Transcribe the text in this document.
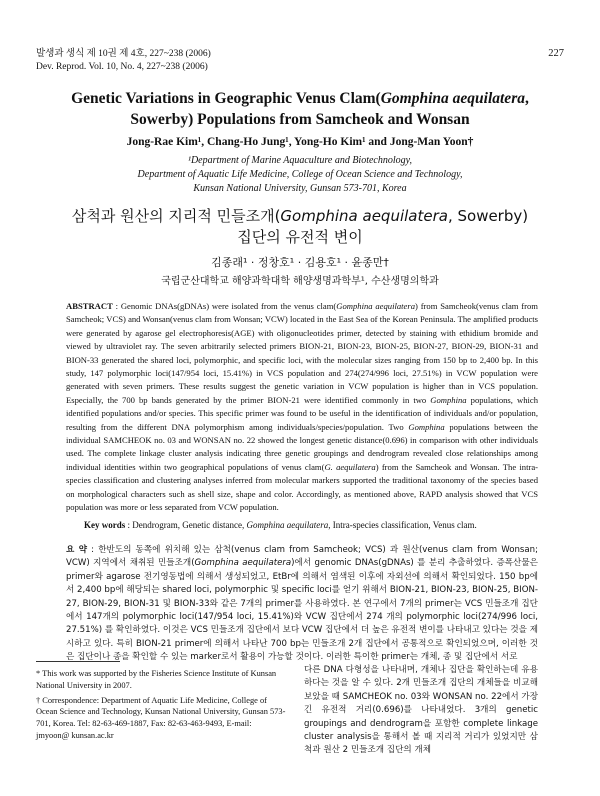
발생과 생식 제 10권 제 4호, 227~238 (2006)
Dev. Reprod. Vol. 10, No. 4, 227~238 (2006)
227
Genetic Variations in Geographic Venus Clam(Gomphina aequilatera,
Sowerby) Populations from Samcheok and Wonsan
Jong-Rae Kim¹, Chang-Ho Jung¹, Yong-Ho Kim¹ and Jong-Man Yoon†
¹Department of Marine Aquaculture and Biotechnology,
Department of Aquatic Life Medicine, College of Ocean Science and Technology,
Kunsan National University, Gunsan 573-701, Korea
삼척과 원산의 지리적 민들조개(Gomphina aequilatera, Sowerby)
집단의 유전적 변이
김종래¹ · 정창호¹ · 김용호¹ · 윤종만†
국립군산대학교 해양과학대학 해양생명과학부¹, 수산생명의학과
ABSTRACT : Genomic DNAs(gDNAs) were isolated from the venus clam(Gomphina aequilatera) from Samcheok(venus clam from Samcheok; VCS) and Wonsan(venus clam from Wonsan; VCW) located in the East Sea of the Korean Peninsula. The amplified products were generated by agarose gel electrophoresis(AGE) with oligonucleotides primer, detected by staining with ethidium bromide and viewed by ultraviolet ray. The seven arbitrarily selected primers BION-21, BION-23, BION-25, BION-27, BION-29, BION-31 and BION-33 generated the shared loci, polymorphic, and specific loci, with the molecular sizes ranging from 150 bp to 2,400 bp. In this study, 147 polymorphic loci(147/954 loci, 15.41%) in VCS population and 274(274/996 loci, 27.51%) in VCW population were generated with seven primers. These results suggest the genetic variation in VCW population is higher than in VCS population. Especially, the 700 bp bands generated by the primer BION-21 were identified commonly in two Gomphina populations, which identified populations and/or species. This specific primer was found to be useful in the identification of individuals and/or population, resulting from the different DNA polymorphism among individuals/species/population. Two Gomphina populations between the individual SAMCHEOK no. 03 and WONSAN no. 22 showed the longest genetic distance(0.696) in comparison with other individuals used. The complete linkage cluster analysis indicating three genetic groupings and dendrogram revealed close relationships among individual identities within two geographical populations of venus clam(G. aequilatera) from the Samcheok and Wonsan. The intra-species classification and clustering analyses inferred from molecular markers supported the traditional taxonomy of the species based on morphological characters such as shell size, shape and color. Accordingly, as mentioned above, RAPD analysis showed that VCS population was more or less separated from VCW population.
Key words : Dendrogram, Genetic distance, Gomphina aequilatera, Intra-species classification, Venus clam.
요 약 : 한반도의 동쪽에 위치해 있는 삼척(venus clam from Samcheok; VCS) 과 원산(venus clam from Wonsan; VCW) 지역에서 채취된 민들조개(Gomphina aequilatera)에서 genomic DNAs(gDNAs) 를 분리 추출하였다. 증폭산물은 primer와 agarose 전기영동법에 의해서 생성되었고, EtBr에 의해서 염색된 이후에 자외선에 의해서 확인되었다. 150 bp에서 2,400 bp에 해당되는 shared loci, polymorphic 및 specific loci를 얻기 위해서 BION-21, BION-23, BION-25, BION-27, BION-29, BION-31 및 BION-33와 같은 7개의 primer를 사용하였다. 본 연구에서 7개의 primer는 VCS 민들조개 집단에서 147개의 polymorphic loci(147/954 loci, 15.41%)와 VCW 집단에서 274 개의 polymorphic loci(274/996 loci, 27.51%) 를 확인하였다. 이것은 VCS 민들조개 집단에서 보다 VCW 집단에서 더 높은 유전적 변이를 나타내고 있다는 것을 제시하고 있다. 특히 BION-21 primer에 의해서 나타난 700 bp는 민들조개 2개 집단에서 공통적으로 확인되었으며, 이러한 것은 집단이나 종을 확인할 수 있는 marker로서 활용이 가능할 것이다. 이러한 특이한 primer는 개체, 종 및 집단에서 서로
다른 DNA 다형성을 나타내며, 개체나 집단을 확인하는데 유용하다는 것을 알 수 있다. 2개 민들조개 집단의 개체들을 비교해 보았을 때 SAMCHEOK no. 03와 WONSAN no. 22에서 가장 긴 유전적 거리(0.696)를 나타내었다. 3개의 genetic groupings and dendrogram을 포함한 complete linkage cluster analysis을 통해서 볼 때 지리적 거리가 있었지만 삼척과 원산 2 민들조개 집단의 개체

* This work was supported by the Fisheries Science Institute of Kunsan National University in 2007.

† Correspondence: Department of Aquatic Life Medicine, College of Ocean Science and Technology, Kunsan National University, Gunsan 573-701, Korea. Tel: 82-63-469-1887, Fax: 82-63-463-9493, E-mail: jmyoon@ kunsan.ac.kr
